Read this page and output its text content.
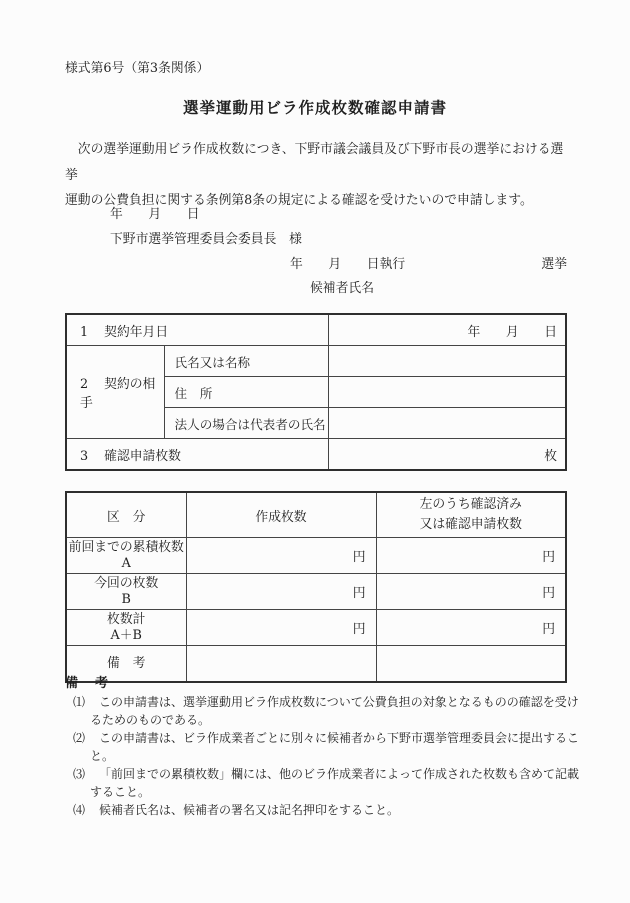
様式第6号（第3条関係）
選挙運動用ビラ作成枚数確認申請書
　次の選挙運動用ビラ作成枚数につき、下野市議会議員及び下野市長の選挙における選挙
運動の公費負担に関する条例第8条の規定による確認を受けたいので申請します。
年　　月　　日
下野市選挙管理委員会委員長　様
年　　月　　日執行	選挙
候補者氏名
1 契約年月日		年　　月　　日
2 契約の相手	氏名又は名称	
	住　所	
	法人の場合は代表者の氏名	
3 確認申請枚数		枚
区　分	作成枚数	左のうち確認済み
又は確認申請枚数

前回までの累積枚数
A	円	円

今回の枚数
B	円	円

枚数計
A＋B	円	円
備　考		
備　考
⑴ この申請書は、選挙運動用ビラ作成枚数について公費負担の対象となるものの確認を受けるためのものである。
⑵ この申請書は、ビラ作成業者ごとに別々に候補者から下野市選挙管理委員会に提出すること。
⑶ 「前回までの累積枚数」欄には、他のビラ作成業者によって作成された枚数も含めて記載すること。
⑷ 候補者氏名は、候補者の署名又は記名押印をすること。
